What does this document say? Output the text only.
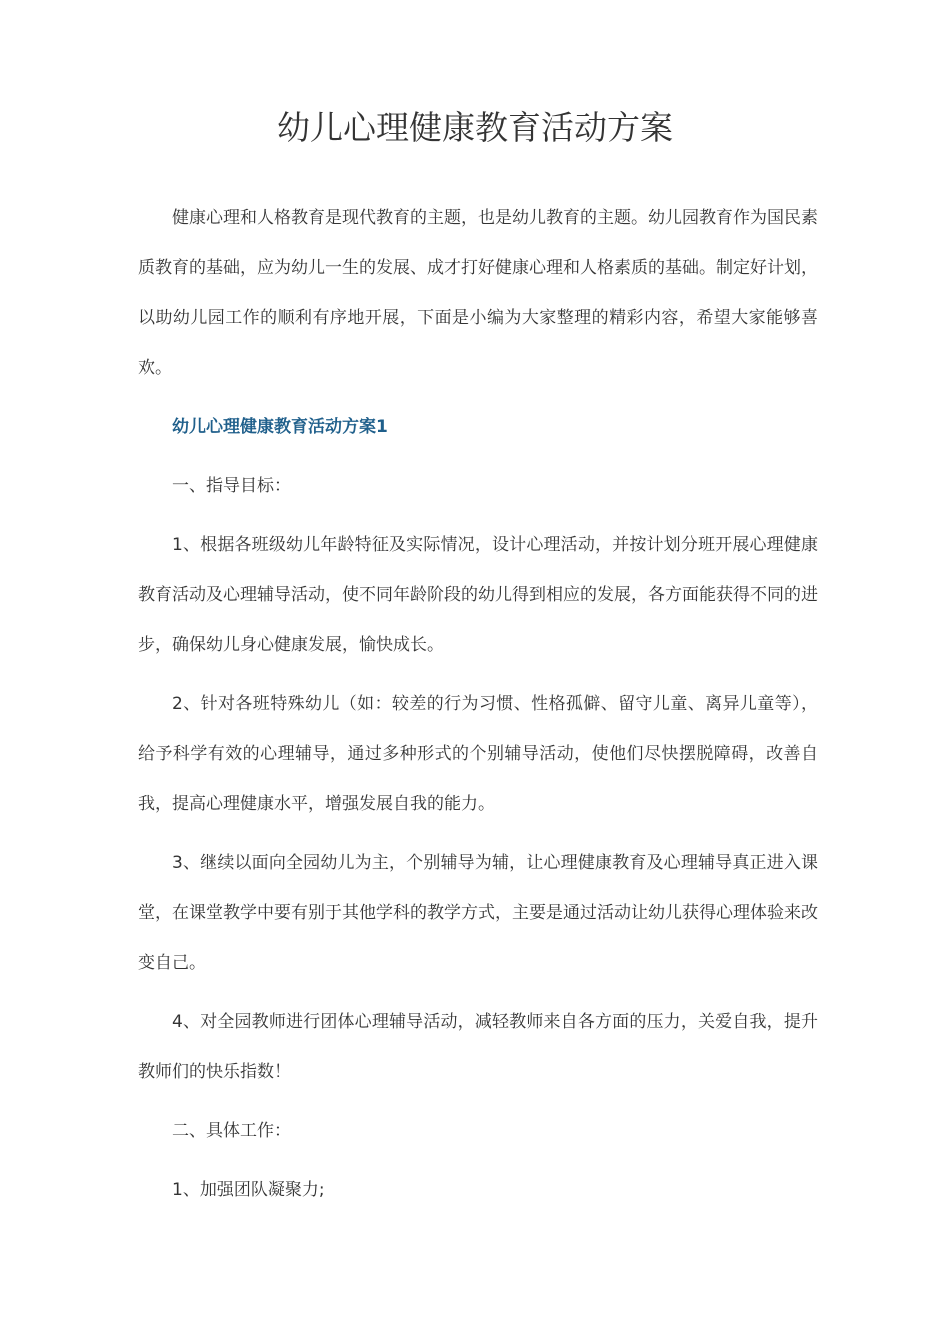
幼儿心理健康教育活动方案

健康心理和人格教育是现代教育的主题，也是幼儿教育的主题。幼儿园教育作为国民素质教育的基础，应为幼儿一生的发展、成才打好健康心理和人格素质的基础。制定好计划，以助幼儿园工作的顺利有序地开展，下面是小编为大家整理的精彩内容，希望大家能够喜欢。

幼儿心理健康教育活动方案1

一、指导目标：

1、根据各班级幼儿年龄特征及实际情况，设计心理活动，并按计划分班开展心理健康教育活动及心理辅导活动，使不同年龄阶段的幼儿得到相应的发展，各方面能获得不同的进步，确保幼儿身心健康发展，愉快成长。

2、针对各班特殊幼儿（如：较差的行为习惯、性格孤僻、留守儿童、离异儿童等），给予科学有效的心理辅导，通过多种形式的个别辅导活动，使他们尽快摆脱障碍，改善自我，提高心理健康水平，增强发展自我的能力。

3、继续以面向全园幼儿为主，个别辅导为辅，让心理健康教育及心理辅导真正进入课堂，在课堂教学中要有别于其他学科的教学方式，主要是通过活动让幼儿获得心理体验来改变自己。

4、对全园教师进行团体心理辅导活动，减轻教师来自各方面的压力，关爱自我，提升教师们的快乐指数！

二、具体工作：

1、加强团队凝聚力;
